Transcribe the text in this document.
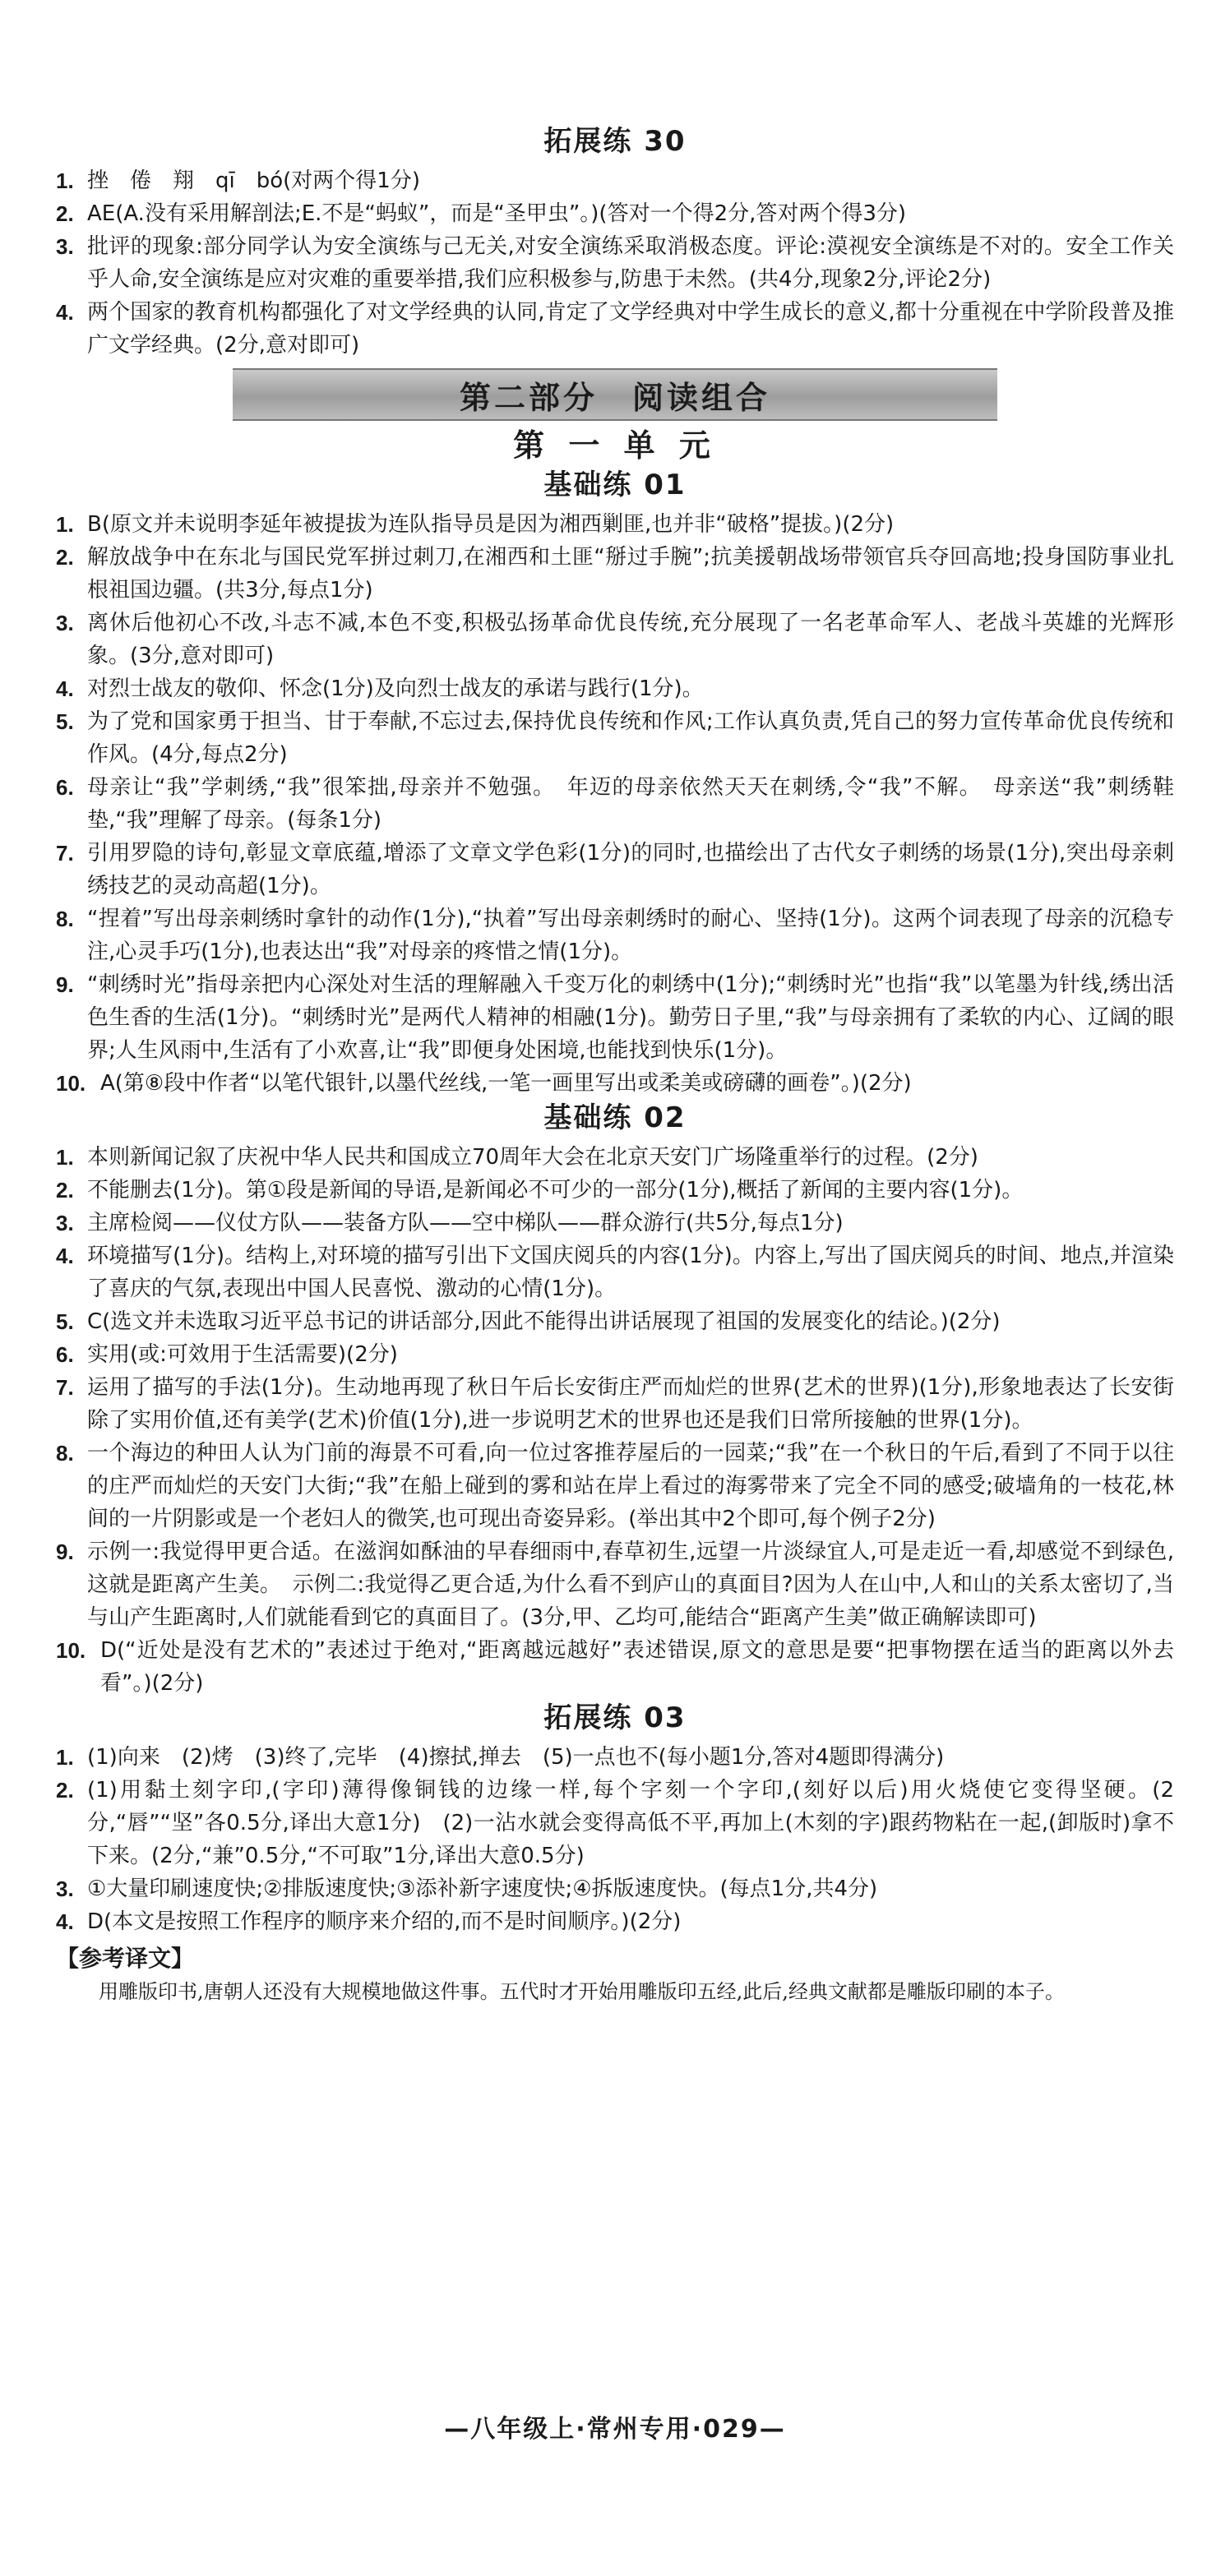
拓展练 30
1. 挫　倦　翔　qī　bó(对两个得1分)
2. AE(A.没有采用解剖法;E.不是“蚂蚁”，而是“圣甲虫”。)(答对一个得2分,答对两个得3分)
3. 批评的现象:部分同学认为安全演练与己无关,对安全演练采取消极态度。评论:漠视安全演练是不对的。安全工作关乎人命,安全演练是应对灾难的重要举措,我们应积极参与,防患于未然。(共4分,现象2分,评论2分)
4. 两个国家的教育机构都强化了对文学经典的认同,肯定了文学经典对中学生成长的意义,都十分重视在中学阶段普及推广文学经典。(2分,意对即可)
第二部分　阅读组合
第 一 单 元
基础练 01
1. B(原文并未说明李延年被提拔为连队指导员是因为湘西剿匪,也并非“破格”提拔。)(2分)
2. 解放战争中在东北与国民党军拼过刺刀,在湘西和土匪“掰过手腕”;抗美援朝战场带领官兵夺回高地;投身国防事业扎根祖国边疆。(共3分,每点1分)
3. 离休后他初心不改,斗志不减,本色不变,积极弘扬革命优良传统,充分展现了一名老革命军人、老战斗英雄的光辉形象。(3分,意对即可)
4. 对烈士战友的敬仰、怀念(1分)及向烈士战友的承诺与践行(1分)。
5. 为了党和国家勇于担当、甘于奉献,不忘过去,保持优良传统和作风;工作认真负责,凭自己的努力宣传革命优良传统和作风。(4分,每点2分)
6. 母亲让“我”学刺绣,“我”很笨拙,母亲并不勉强。　年迈的母亲依然天天在刺绣,令“我”不解。　母亲送“我”刺绣鞋垫,“我”理解了母亲。(每条1分)
7. 引用罗隐的诗句,彰显文章底蕴,增添了文章文学色彩(1分)的同时,也描绘出了古代女子刺绣的场景(1分),突出母亲刺绣技艺的灵动高超(1分)。
8. “捏着”写出母亲刺绣时拿针的动作(1分),“执着”写出母亲刺绣时的耐心、坚持(1分)。这两个词表现了母亲的沉稳专注,心灵手巧(1分),也表达出“我”对母亲的疼惜之情(1分)。
9. “刺绣时光”指母亲把内心深处对生活的理解融入千变万化的刺绣中(1分);“刺绣时光”也指“我”以笔墨为针线,绣出活色生香的生活(1分)。“刺绣时光”是两代人精神的相融(1分)。勤劳日子里,“我”与母亲拥有了柔软的内心、辽阔的眼界;人生风雨中,生活有了小欢喜,让“我”即便身处困境,也能找到快乐(1分)。
10. A(第⑧段中作者“以笔代银针,以墨代丝线,一笔一画里写出或柔美或磅礴的画卷”。)(2分)
基础练 02
1. 本则新闻记叙了庆祝中华人民共和国成立70周年大会在北京天安门广场隆重举行的过程。(2分)
2. 不能删去(1分)。第①段是新闻的导语,是新闻必不可少的一部分(1分),概括了新闻的主要内容(1分)。
3. 主席检阅——仪仗方队——装备方队——空中梯队——群众游行(共5分,每点1分)
4. 环境描写(1分)。结构上,对环境的描写引出下文国庆阅兵的内容(1分)。内容上,写出了国庆阅兵的时间、地点,并渲染了喜庆的气氛,表现出中国人民喜悦、激动的心情(1分)。
5. C(选文并未选取习近平总书记的讲话部分,因此不能得出讲话展现了祖国的发展变化的结论。)(2分)
6. 实用(或:可效用于生活需要)(2分)
7. 运用了描写的手法(1分)。生动地再现了秋日午后长安街庄严而灿烂的世界(艺术的世界)(1分),形象地表达了长安街除了实用价值,还有美学(艺术)价值(1分),进一步说明艺术的世界也还是我们日常所接触的世界(1分)。
8. 一个海边的种田人认为门前的海景不可看,向一位过客推荐屋后的一园菜;“我”在一个秋日的午后,看到了不同于以往的庄严而灿烂的天安门大街;“我”在船上碰到的雾和站在岸上看过的海雾带来了完全不同的感受;破墙角的一枝花,林间的一片阴影或是一个老妇人的微笑,也可现出奇姿异彩。(举出其中2个即可,每个例子2分)
9. 示例一:我觉得甲更合适。在滋润如酥油的早春细雨中,春草初生,远望一片淡绿宜人,可是走近一看,却感觉不到绿色,这就是距离产生美。　示例二:我觉得乙更合适,为什么看不到庐山的真面目?因为人在山中,人和山的关系太密切了,当与山产生距离时,人们就能看到它的真面目了。(3分,甲、乙均可,能结合“距离产生美”做正确解读即可)
10. D(“近处是没有艺术的”表述过于绝对,“距离越远越好”表述错误,原文的意思是要“把事物摆在适当的距离以外去看”。)(2分)
拓展练 03
1. (1)向来　(2)烤　(3)终了,完毕　(4)擦拭,掸去　(5)一点也不(每小题1分,答对4题即得满分)
2. (1)用黏土刻字印,(字印)薄得像铜钱的边缘一样,每个字刻一个字印,(刻好以后)用火烧使它变得坚硬。(2分,“唇”“坚”各0.5分,译出大意1分)　(2)一沾水就会变得高低不平,再加上(木刻的字)跟药物粘在一起,(卸版时)拿不下来。(2分,“兼”0.5分,“不可取”1分,译出大意0.5分)
3. ①大量印刷速度快;②排版速度快;③添补新字速度快;④拆版速度快。(每点1分,共4分)
4. D(本文是按照工作程序的顺序来介绍的,而不是时间顺序。)(2分)
【参考译文】

用雕版印书,唐朝人还没有大规模地做这件事。五代时才开始用雕版印五经,此后,经典文献都是雕版印刷的本子。

—八年级上·常州专用·029—
